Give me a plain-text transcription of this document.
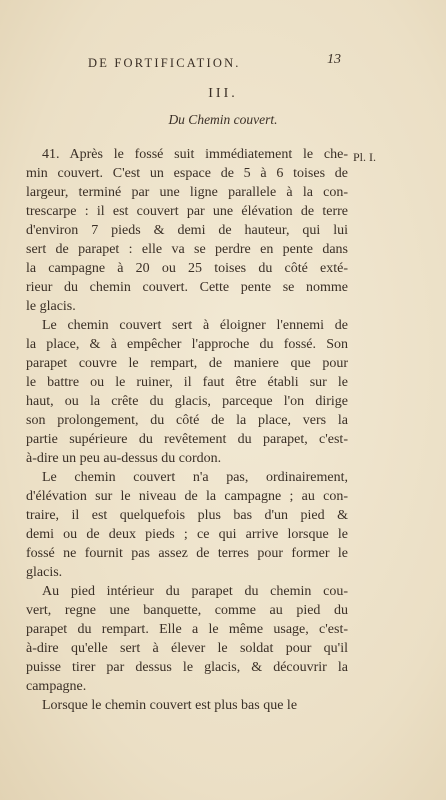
DE FORTIFICATION.	13
III.
Du Chemin couvert.
Pl. I.
41. Après le fossé suit immédiatement le che-
min couvert. C'est un espace de 5 à 6 toises de
largeur, terminé par une ligne parallele à la con-
trescarpe : il est couvert par une élévation de terre
d'environ 7 pieds & demi de hauteur, qui lui
sert de parapet : elle va se perdre en pente dans
la campagne à 20 ou 25 toises du côté exté-
rieur du chemin couvert. Cette pente se nomme
le glacis.
Le chemin couvert sert à éloigner l'ennemi de
la place, & à empêcher l'approche du fossé. Son
parapet couvre le rempart, de maniere que pour
le battre ou le ruiner, il faut être établi sur le
haut, ou la crête du glacis, parceque l'on dirige
son prolongement, du côté de la place, vers la
partie supérieure du revêtement du parapet, c'est-
à-dire un peu au-dessus du cordon.
Le chemin couvert n'a pas, ordinairement,
d'élévation sur le niveau de la campagne ; au con-
traire, il est quelquefois plus bas d'un pied &
demi ou de deux pieds ; ce qui arrive lorsque le
fossé ne fournit pas assez de terres pour former le
glacis.
Au pied intérieur du parapet du chemin cou-
vert, regne une banquette, comme au pied du
parapet du rempart. Elle a le même usage, c'est-
à-dire qu'elle sert à élever le soldat pour qu'il
puisse tirer par dessus le glacis, & découvrir la
campagne.
Lorsque le chemin couvert est plus bas que le
